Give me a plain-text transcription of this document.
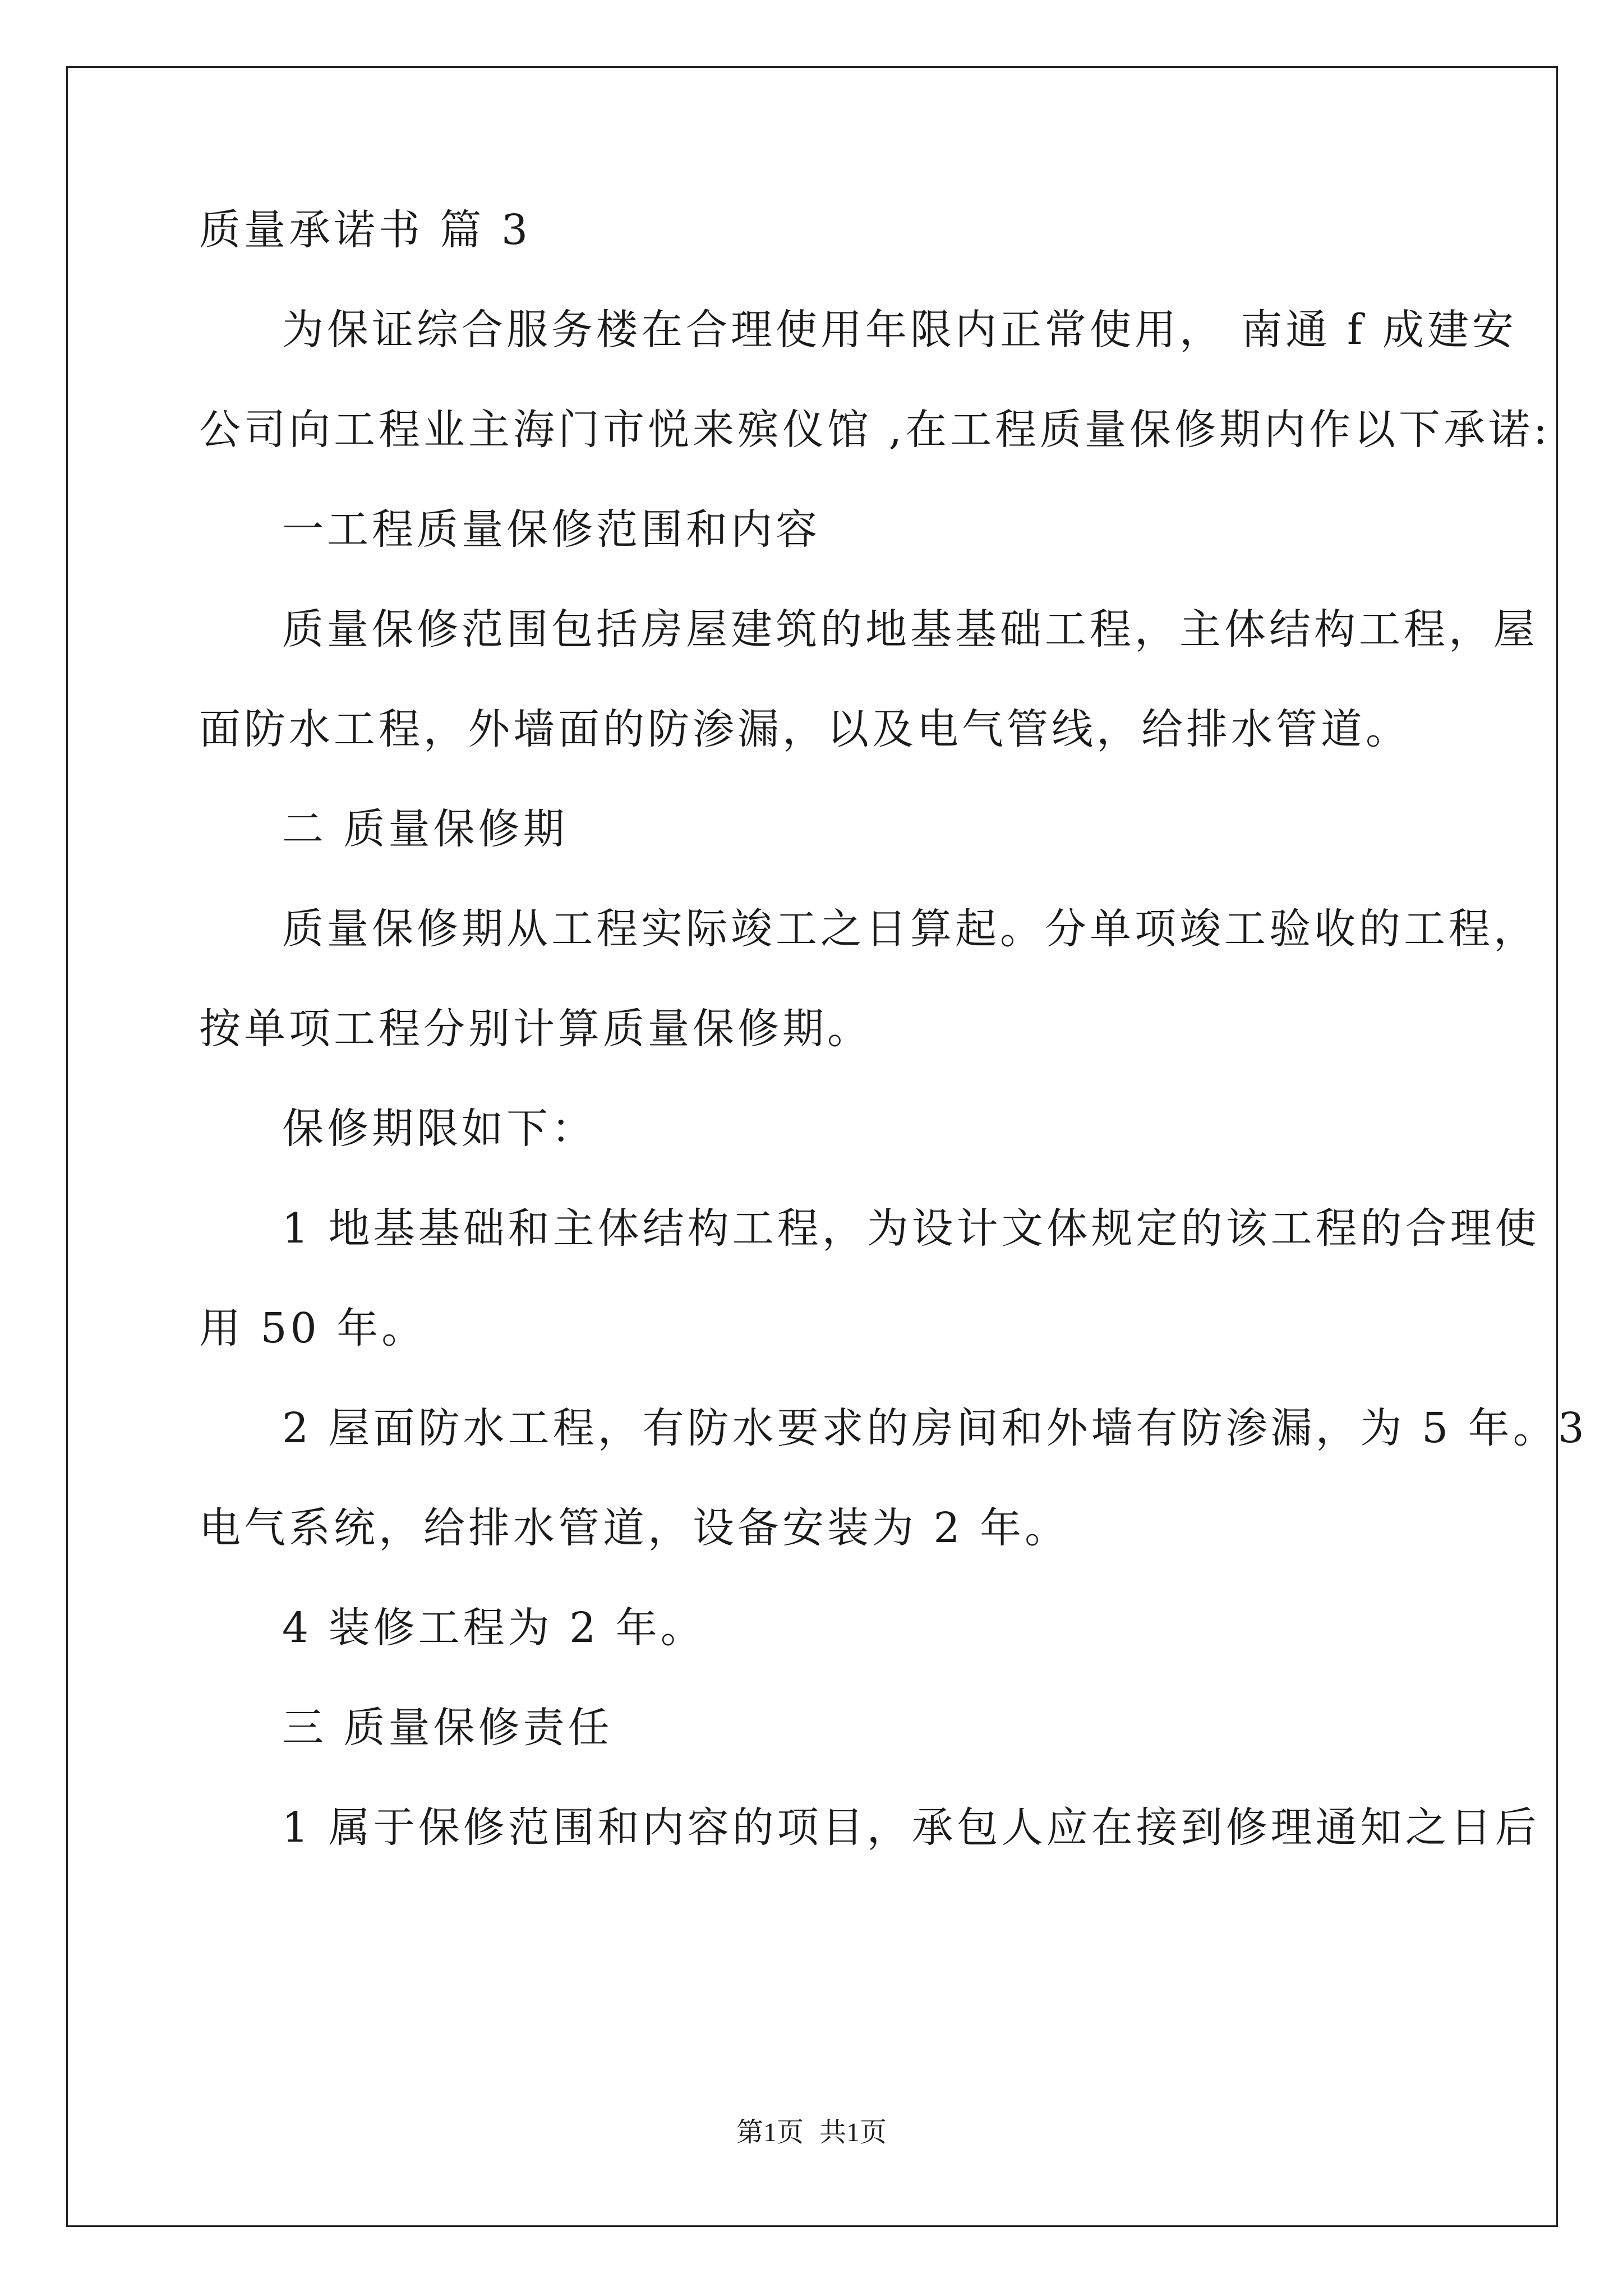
质量承诺书 篇 3
为保证综合服务楼在合理使用年限内正常使用， 南通 f 成建安
公司向工程业主海门市悦来殡仪馆 ,在工程质量保修期内作以下承诺:
一工程质量保修范围和内容
质量保修范围包括房屋建筑的地基基础工程，主体结构工程，屋
面防水工程，外墙面的防渗漏，以及电气管线，给排水管道。
二 质量保修期
质量保修期从工程实际竣工之日算起。分单项竣工验收的工程，
按单项工程分别计算质量保修期。
保修期限如下：
1 地基基础和主体结构工程，为设计文体规定的该工程的合理使
用 50 年。
2 屋面防水工程，有防水要求的房间和外墙有防渗漏，为 5 年。3
电气系统，给排水管道，设备安装为 2 年。
4 装修工程为 2 年。
三 质量保修责任
1 属于保修范围和内容的项目，承包人应在接到修理通知之日后
第1页 共1页
